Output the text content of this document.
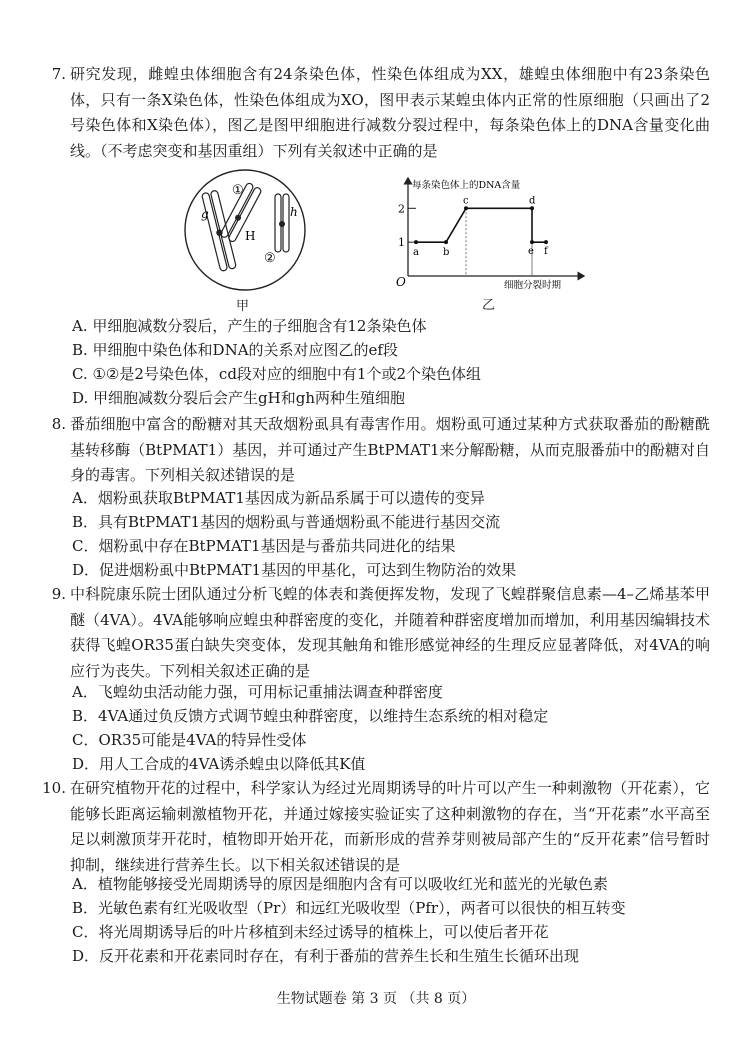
7. 研究发现，雌蝗虫体细胞含有24条染色体，性染色体组成为XX，雄蝗虫体细胞中有23条染色体，只有一条X染色体，性染色体组成为XO，图甲表示某蝗虫体内正常的性原细胞（只画出了2号染色体和X染色体），图乙是图甲细胞进行减数分裂过程中，每条染色体上的DNA含量变化曲线。（不考虑突变和基因重组）下列有关叙述中正确的是
①
②
g
H
h
甲
每条染色体上的DNA含量
细胞分裂时期
O
1
2
a b
c	d
e f
乙
A. 甲细胞减数分裂后，产生的子细胞含有12条染色体
B. 甲细胞中染色体和DNA的关系对应图乙的ef段
C. ①②是2号染色体，cd段对应的细胞中有1个或2个染色体组
D. 甲细胞减数分裂后会产生gH和gh两种生殖细胞
8. 番茄细胞中富含的酚糖对其天敌烟粉虱具有毒害作用。烟粉虱可通过某种方式获取番茄的酚糖酰基转移酶（BtPMAT1）基因，并可通过产生BtPMAT1来分解酚糖，从而克服番茄中的酚糖对自身的毒害。下列相关叙述错误的是
A．烟粉虱获取BtPMAT1基因成为新品系属于可以遗传的变异
B．具有BtPMAT1基因的烟粉虱与普通烟粉虱不能进行基因交流
C．烟粉虱中存在BtPMAT1基因是与番茄共同进化的结果
D．促进烟粉虱中BtPMAT1基因的甲基化，可达到生物防治的效果
9. 中科院康乐院士团队通过分析飞蝗的体表和粪便挥发物，发现了飞蝗群聚信息素—4–乙烯基苯甲醚（4VA）。4VA能够响应蝗虫种群密度的变化，并随着种群密度增加而增加，利用基因编辑技术获得飞蝗OR35蛋白缺失突变体，发现其触角和锥形感觉神经的生理反应显著降低，对4VA的响应行为丧失。下列相关叙述正确的是
A．飞蝗幼虫活动能力强，可用标记重捕法调查种群密度
B．4VA通过负反馈方式调节蝗虫种群密度，以维持生态系统的相对稳定
C．OR35可能是4VA的特异性受体
D．用人工合成的4VA诱杀蝗虫以降低其K值
10. 在研究植物开花的过程中，科学家认为经过光周期诱导的叶片可以产生一种刺激物（开花素），它能够长距离运输刺激植物开花，并通过嫁接实验证实了这种刺激物的存在，当“开花素”水平高至足以刺激顶芽开花时，植物即开始开花，而新形成的营养芽则被局部产生的“反开花素”信号暂时抑制，继续进行营养生长。以下相关叙述错误的是
A．植物能够接受光周期诱导的原因是细胞内含有可以吸收红光和蓝光的光敏色素
B．光敏色素有红光吸收型（Pr）和远红光吸收型（Pfr），两者可以很快的相互转变
C．将光周期诱导后的叶片移植到未经过诱导的植株上，可以使后者开花
D．反开花素和开花素同时存在，有利于番茄的营养生长和生殖生长循环出现
生物试题卷 第 3 页 （共 8 页）
